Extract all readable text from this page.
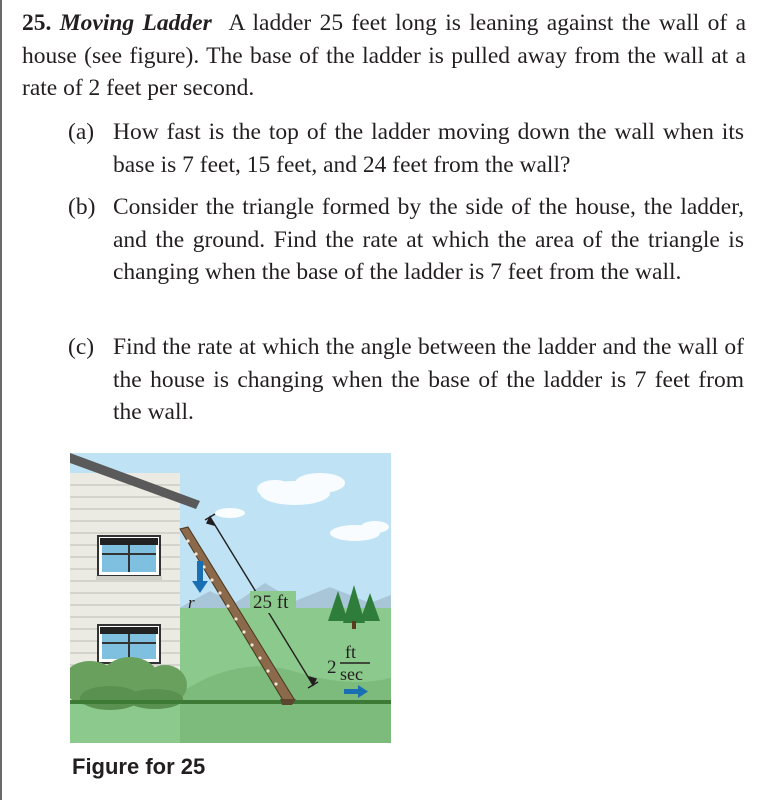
25. Moving Ladder A ladder 25 feet long is leaning against the wall of a house (see figure). The base of the ladder is pulled away from the wall at a rate of 2 feet per second.
(a) How fast is the top of the ladder moving down the wall when its base is 7 feet, 15 feet, and 24 feet from the wall?
(b) Consider the triangle formed by the side of the house, the ladder, and the ground. Find the rate at which the area of the triangle is changing when the base of the ladder is 7 feet from the wall.
(c) Find the rate at which the angle between the ladder and the wall of the house is changing when the base of the ladder is 7 feet from the wall.
25 ft
r
2
ft
sec
Figure for 25
